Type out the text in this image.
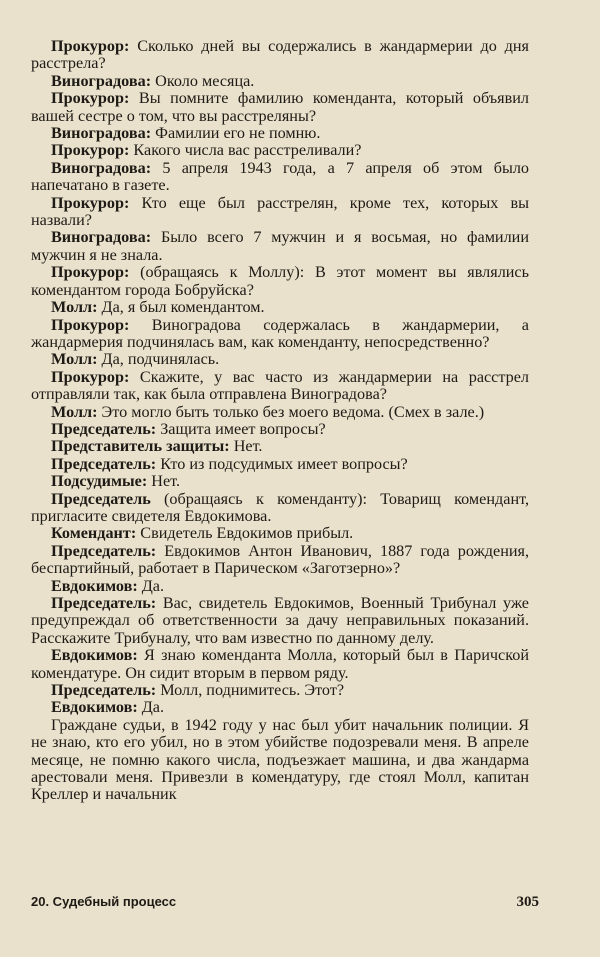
Прокурор: Сколько дней вы содержались в жандармерии до дня расстрела?

Виноградова: Около месяца.

Прокурор: Вы помните фамилию коменданта, который объявил вашей сестре о том, что вы расстреляны?

Виноградова: Фамилии его не помню.

Прокурор: Какого числа вас расстреливали?

Виноградова: 5 апреля 1943 года, а 7 апреля об этом было напечатано в газете.

Прокурор: Кто еще был расстрелян, кроме тех, которых вы назвали?

Виноградова: Было всего 7 мужчин и я восьмая, но фамилии мужчин я не знала.

Прокурор: (обращаясь к Моллу): В этот момент вы являлись комендантом города Бобруйска?

Молл: Да, я был комендантом.

Прокурор: Виноградова содержалась в жандармерии, а жандармерия подчинялась вам, как коменданту, непосредственно?

Молл: Да, подчинялась.

Прокурор: Скажите, у вас часто из жандармерии на расстрел отправляли так, как была отправлена Виноградова?

Молл: Это могло быть только без моего ведома. (Смех в зале.)

Председатель: Защита имеет вопросы?

Представитель защиты: Нет.

Председатель: Кто из подсудимых имеет вопросы?

Подсудимые: Нет.

Председатель (обращаясь к коменданту): Товарищ комендант, пригласите свидетеля Евдокимова.

Комендант: Свидетель Евдокимов прибыл.

Председатель: Евдокимов Антон Иванович, 1887 года рождения, беспартийный, работает в Парическом «Заготзерно»?

Евдокимов: Да.

Председатель: Вас, свидетель Евдокимов, Военный Трибунал уже предупреждал об ответственности за дачу неправильных показаний. Расскажите Трибуналу, что вам известно по данному делу.

Евдокимов: Я знаю коменданта Молла, который был в Паричской комендатуре. Он сидит вторым в первом ряду.

Председатель: Молл, поднимитесь. Этот?

Евдокимов: Да.

Граждане судьи, в 1942 году у нас был убит начальник полиции. Я не знаю, кто его убил, но в этом убийстве подозревали меня. В апреле месяце, не помню какого числа, подъезжает машина, и два жандарма арестовали меня. Привезли в комендатуру, где стоял Молл, капитан Креллер и начальник

20. Судебный процесс	305
